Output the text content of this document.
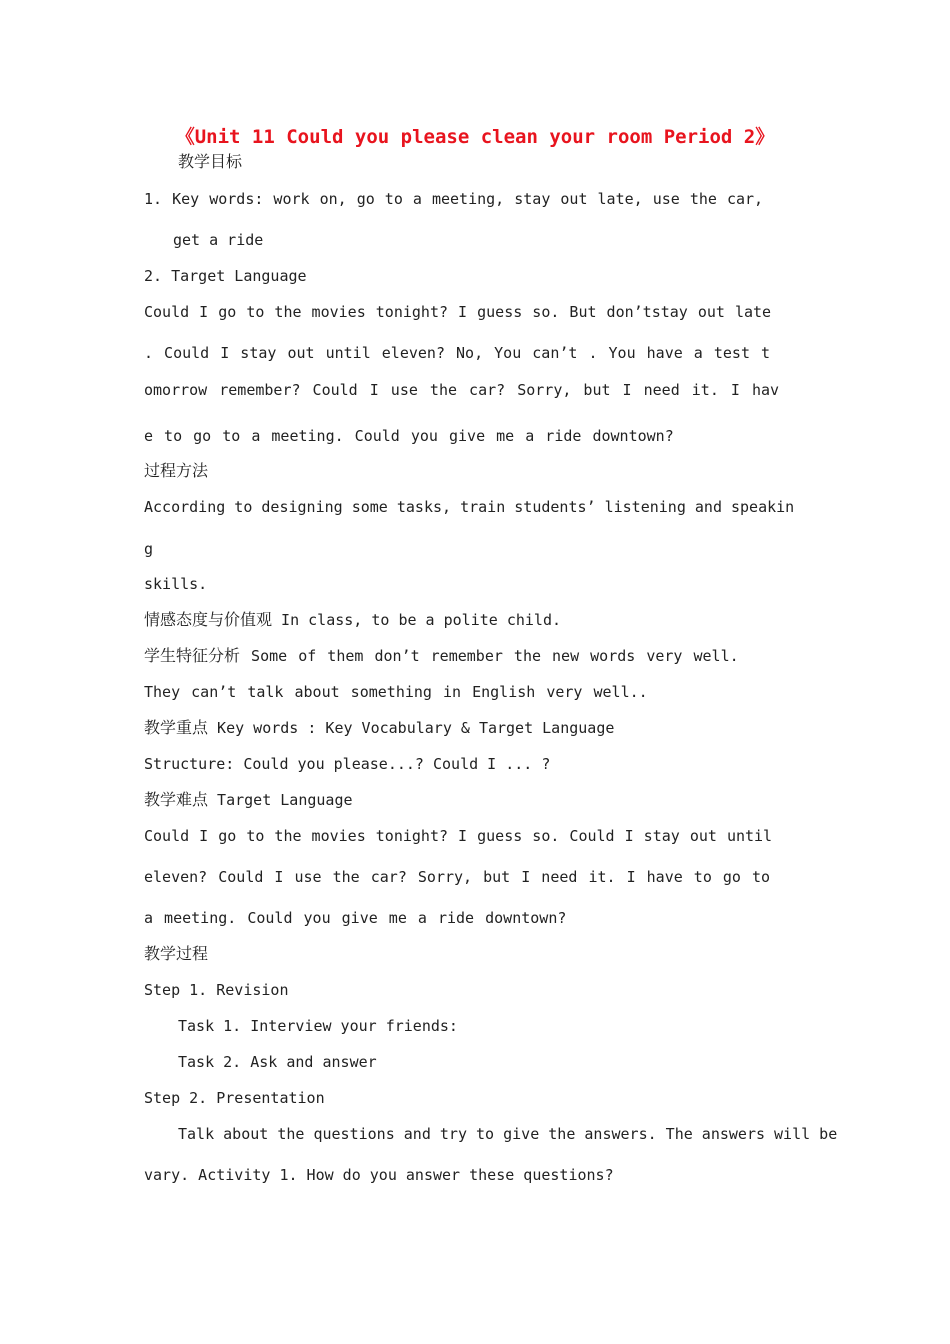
《Unit 11 Could you please clean your room Period 2》
教学目标
1. Key words: work on, go to a meeting, stay out late, use the car,
get a ride
2. Target Language
Could I go to the movies tonight? I guess so. But don’tstay out late
. Could I stay out until eleven? No, You can’t . You have a test t
omorrow remember? Could I use the car? Sorry, but I need it. I hav
e to go to a meeting. Could you give me a ride downtown?
过程方法
According to designing some tasks, train students’ listening and speakin
g
skills.
情感态度与价值观 In class, to be a polite child.
学生特征分析 Some of them don’t remember the new words very well.
They can’t talk about something in English very well..
教学重点 Key words : Key Vocabulary & Target Language
Structure: Could you please...? Could I ... ?
教学难点 Target Language
Could I go to the movies tonight? I guess so. Could I stay out until
eleven? Could I use the car? Sorry, but I need it. I have to go to
a meeting. Could you give me a ride downtown?
教学过程
Step 1. Revision
Task 1. Interview your friends:
Task 2. Ask and answer
Step 2. Presentation
Talk about the questions and try to give the answers. The answers will be
vary. Activity 1. How do you answer these questions?
